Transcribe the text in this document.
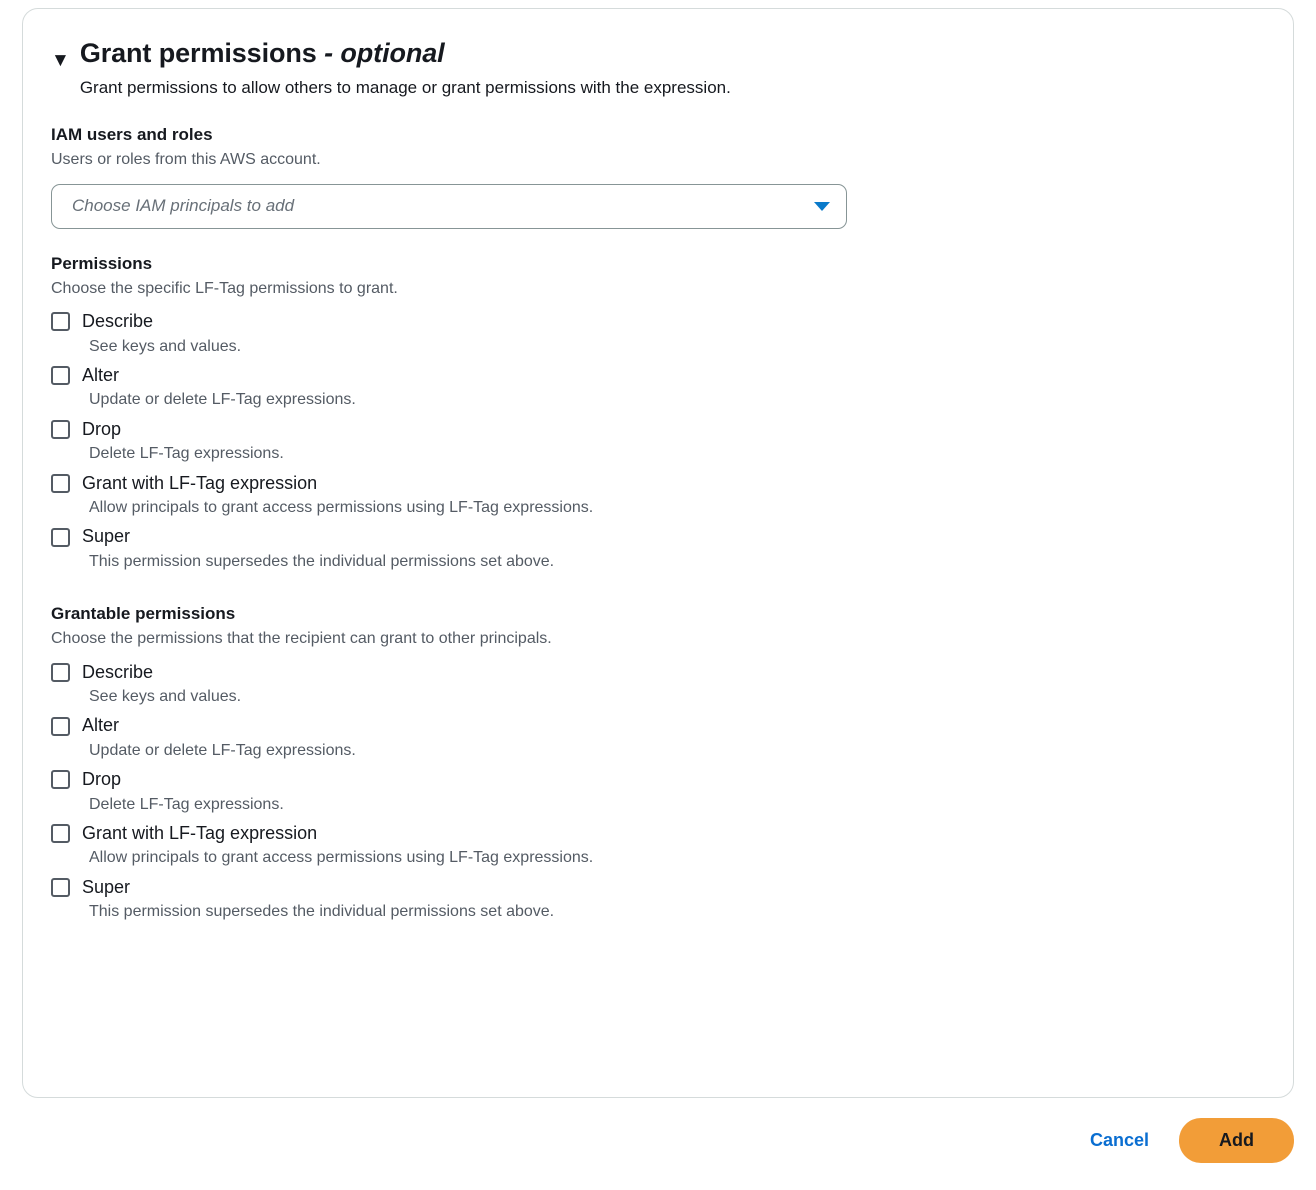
▼ Grant permissions - optional
Grant permissions to allow others to manage or grant permissions with the expression.
IAM users and roles
Users or roles from this AWS account.
Choose IAM principals to add
Permissions
Choose the specific LF-Tag permissions to grant.
Describe
See keys and values.
Alter
Update or delete LF-Tag expressions.
Drop
Delete LF-Tag expressions.
Grant with LF-Tag expression
Allow principals to grant access permissions using LF-Tag expressions.
Super
This permission supersedes the individual permissions set above.
Grantable permissions
Choose the permissions that the recipient can grant to other principals.
Describe
See keys and values.
Alter
Update or delete LF-Tag expressions.
Drop
Delete LF-Tag expressions.
Grant with LF-Tag expression
Allow principals to grant access permissions using LF-Tag expressions.
Super
This permission supersedes the individual permissions set above.
Cancel	Add
